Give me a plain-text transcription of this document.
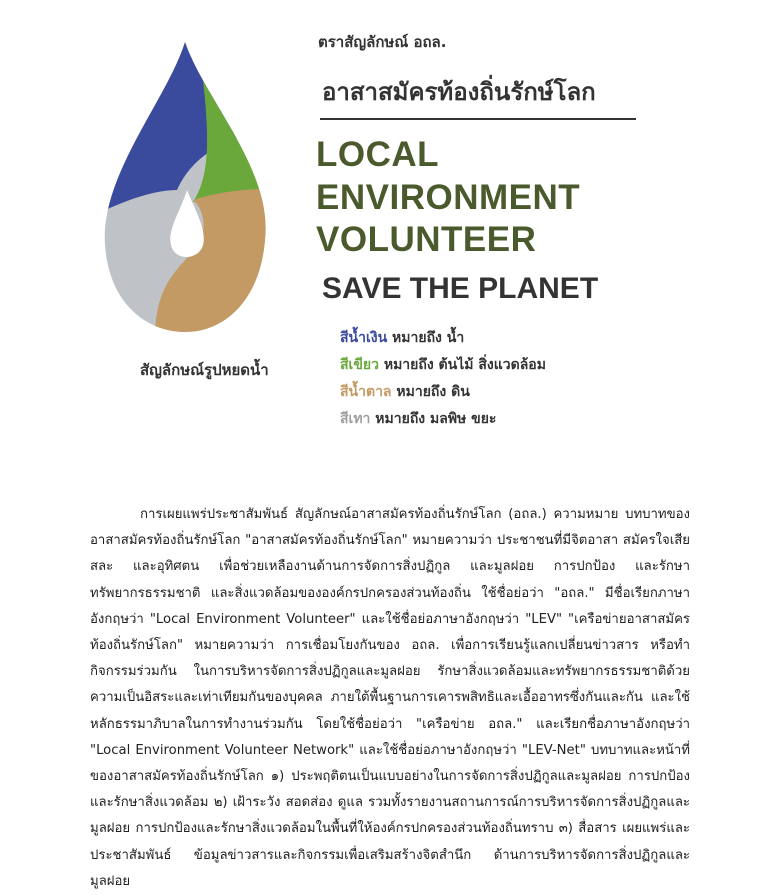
สัญลักษณ์รูปหยดน้ำ
ตราสัญลักษณ์ อถล.
อาสาสมัครท้องถิ่นรักษ์โลก
LOCAL
ENVIRONMENT
VOLUNTEER
SAVE THE PLANET
สีน้ำเงิน หมายถึง น้ำ
สีเขียว หมายถึง ต้นไม้ สิ่งแวดล้อม
สีน้ำตาล หมายถึง ดิน
สีเทา หมายถึง มลพิษ ขยะ

การเผยแพร่ประชาสัมพันธ์ สัญลักษณ์อาสาสมัครท้องถิ่นรักษ์โลก (อถล.) ความหมาย บทบาทของอาสาสมัครท้องถิ่นรักษ์โลก "อาสาสมัครท้องถิ่นรักษ์โลก" หมายความว่า ประชาชนที่มีจิตอาสา สมัครใจเสียสละ และอุทิศตน เพื่อช่วยเหลืองานด้านการจัดการสิ่งปฏิกูล และมูลฝอย การปกป้อง และรักษาทรัพยากรธรรมชาติ และสิ่งแวดล้อมขององค์กรปกครองส่วนท้องถิ่น ใช้ชื่อย่อว่า "อถล." มีชื่อเรียกภาษาอังกฤษว่า "Local Environment Volunteer" และใช้ชื่อย่อภาษาอังกฤษว่า "LEV" "เครือข่ายอาสาสมัครท้องถิ่นรักษ์โลก" หมายความว่า การเชื่อมโยงกันของ อถล. เพื่อการเรียนรู้แลกเปลี่ยนข่าวสาร หรือทำกิจกรรมร่วมกัน ในการบริหารจัดการสิ่งปฏิกูลและมูลฝอย รักษาสิ่งแวดล้อมและทรัพยากรธรรมชาติด้วยความเป็นอิสระและเท่าเทียมกันของบุคคล ภายใต้พื้นฐานการเคารพสิทธิและเอื้ออาทรซึ่งกันและกัน และใช้หลักธรรมาภิบาลในการทำงานร่วมกัน โดยใช้ชื่อย่อว่า "เครือข่าย อถล." และเรียกชื่อภาษาอังกฤษว่า "Local Environment Volunteer Network" และใช้ชื่อย่อภาษาอังกฤษว่า "LEV-Net" บทบาทและหน้าที่ของอาสาสมัครท้องถิ่นรักษ์โลก ๑) ประพฤติตนเป็นแบบอย่างในการจัดการสิ่งปฏิกูลและมูลฝอย การปกป้องและรักษาสิ่งแวดล้อม ๒) เฝ้าระวัง สอดส่อง ดูแล รวมทั้งรายงานสถานการณ์การบริหารจัดการสิ่งปฏิกูลและมูลฝอย การปกป้องและรักษาสิ่งแวดล้อมในพื้นที่ให้องค์กรปกครองส่วนท้องถิ่นทราบ ๓) สื่อสาร เผยแพร่และประชาสัมพันธ์ ข้อมูลข่าวสารและกิจกรรมเพื่อเสริมสร้างจิตสำนึก ด้านการบริหารจัดการสิ่งปฏิกูลและมูลฝอย
